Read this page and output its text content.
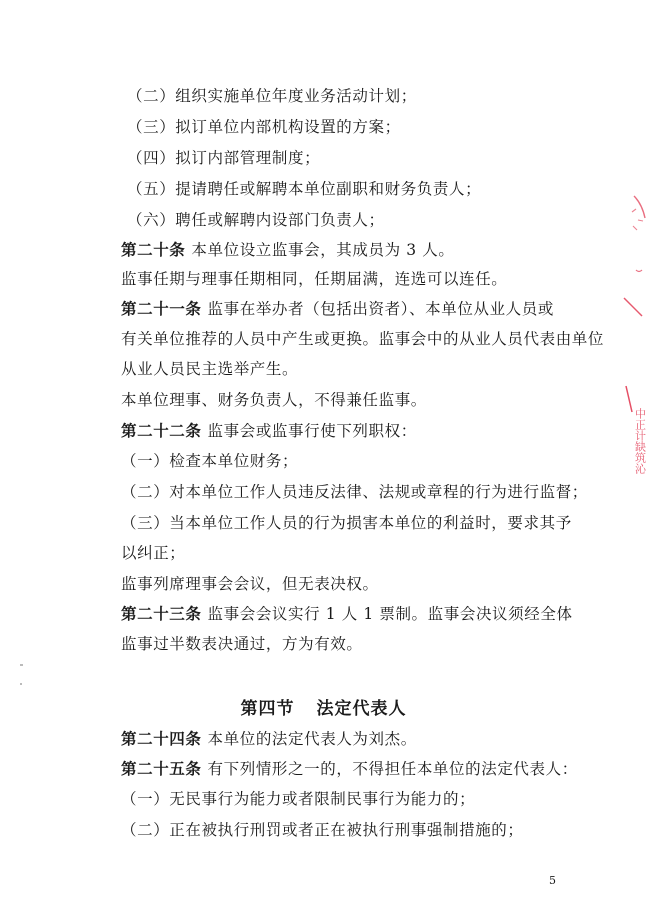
（二）组织实施单位年度业务活动计划；
（三）拟订单位内部机构设置的方案；
（四）拟订内部管理制度；
（五）提请聘任或解聘本单位副职和财务负责人；
（六）聘任或解聘内设部门负责人；
第二十条 本单位设立监事会，其成员为 3 人。
监事任期与理事任期相同，任期届满，连选可以连任。
第二十一条 监事在举办者（包括出资者）、本单位从业人员或
有关单位推荐的人员中产生或更换。监事会中的从业人员代表由单位
从业人员民主选举产生。
本单位理事、财务负责人，不得兼任监事。
第二十二条 监事会或监事行使下列职权：
（一）检查本单位财务；
（二）对本单位工作人员违反法律、法规或章程的行为进行监督；
（三）当本单位工作人员的行为损害本单位的利益时，要求其予
以纠正；
监事列席理事会会议，但无表决权。
第二十三条 监事会会议实行 1 人 1 票制。监事会决议须经全体
监事过半数表决通过，方为有效。
第四节 法定代表人
第二十四条 本单位的法定代表人为刘杰。
第二十五条 有下列情形之一的，不得担任本单位的法定代表人：
（一）无民事行为能力或者限制民事行为能力的；
（二）正在被执行刑罚或者正在被执行刑事强制措施的；
5
中正计缺筑沁
